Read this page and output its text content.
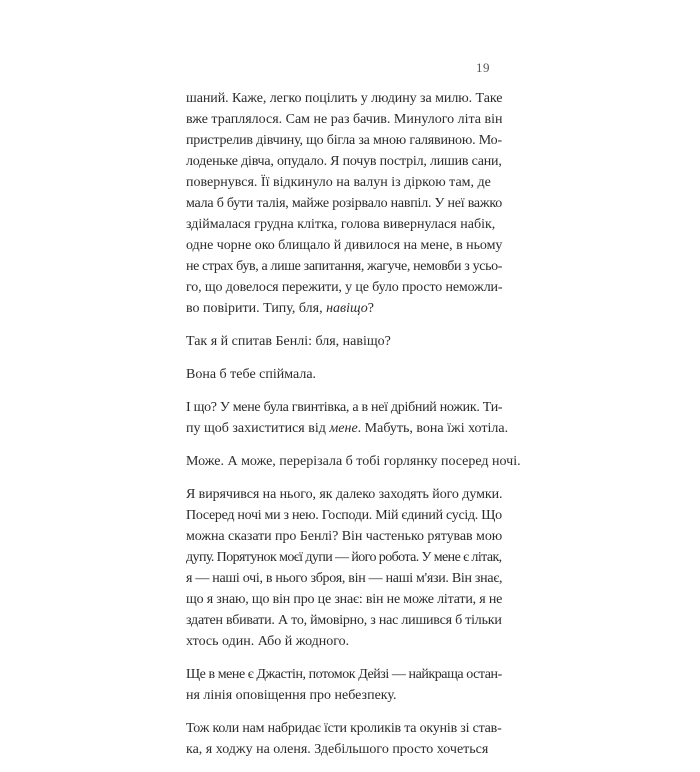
19
шаний. Каже, легко поцілить у людину за милю. Таке
вже траплялося. Сам не раз бачив. Минулого літа він
пристрелив дівчину, що бігла за мною галявиною. Мо-
лоденьке дівча, опудало. Я почув постріл, лишив сани,
повернувся. Її відкинуло на валун із діркою там, де
мала б бути талія, майже розірвало навпіл. У неї важко
здіймалася грудна клітка, голова вивернулася набік,
одне чорне око блищало й дивилося на мене, в ньому
не страх був, а лише запитання, жагуче, немовби з усьо-
го, що довелося пережити, у це було просто неможли-
во повірити. Типу, бля, навіщо?
Так я й спитав Бенлі: бля, навіщо?
Вона б тебе спіймала.
І що? У мене була гвинтівка, а в неї дрібний ножик. Ти-
пу щоб захиститися від мене. Мабуть, вона їжі хотіла.
Може. А може, перерізала б тобі горлянку посеред ночі.
Я вирячився на нього, як далеко заходять його думки.
Посеред ночі ми з нею. Господи. Мій єдиний сусід. Що
можна сказати про Бенлі? Він частенько рятував мою
дупу. Порятунок моєї дупи — його робота. У мене є літак,
я — наші очі, в нього зброя, він — наші м'язи. Він знає,
що я знаю, що він про це знає: він не може літати, я не
здатен вбивати. А то, ймовірно, з нас лишився б тільки
хтось один. Або й жодного.
Ще в мене є Джастін, потомок Дейзі — найкраща остан-
ня лінія оповіщення про небезпеку.
Тож коли нам набридає їсти кроликів та окунів зі став-
ка, я ходжу на оленя. Здебільшого просто хочеться
